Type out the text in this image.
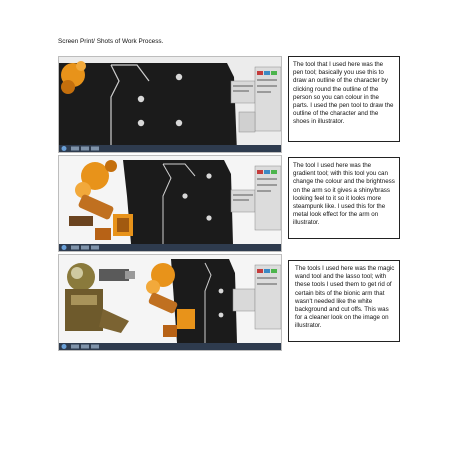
Screen Print/ Shots of Work Process.
The tool that I used here was the pen tool; basically you use this to draw an outline of the character by clicking round the outline of the person so you can colour in the parts. I used the pen tool to draw the outline of the character and the shoes in illustrator.
The tool I used here was the gradient tool; with this tool you can change the colour and the brightness on the arm so it gives a shiny/brass looking feel to it so it looks more steampunk like. I used this for the metal look effect for the arm on illustrator.
The tools I used here was the magic wand tool and the lasso tool; with these tools I used them to get rid of certain bits of the bionic arm that wasn't needed like the white background and cut offs. This was for a cleaner look on the image on illustrator.
